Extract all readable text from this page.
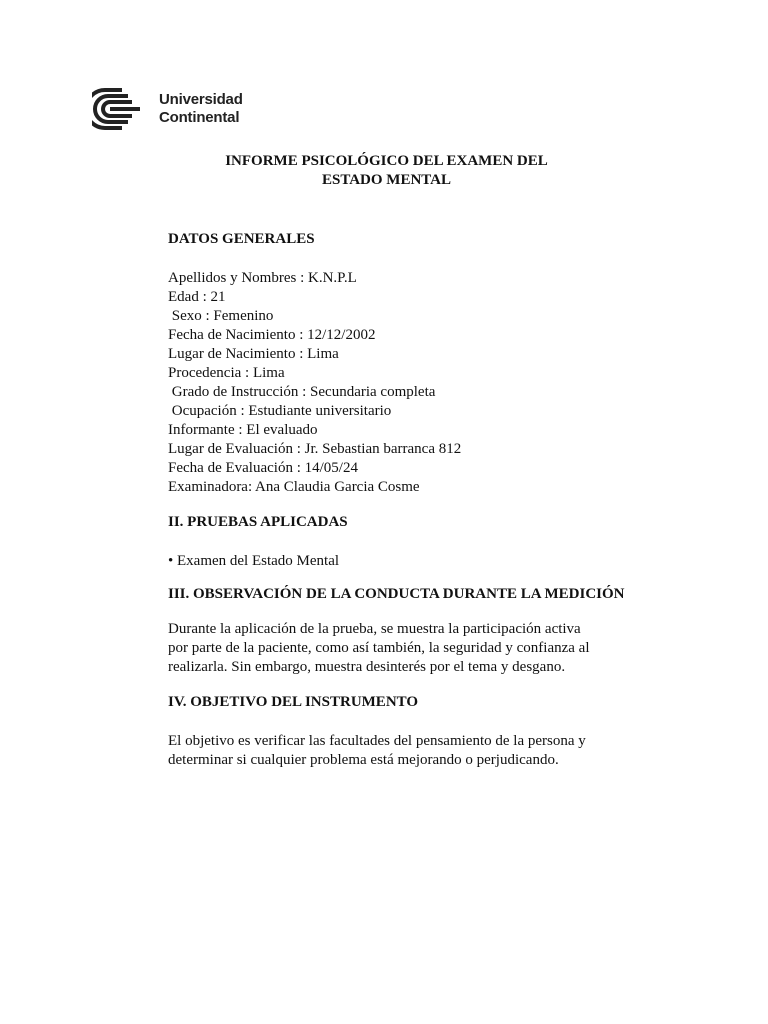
Universidad
Continental
INFORME PSICOLÓGICO DEL EXAMEN DEL
ESTADO MENTAL
DATOS GENERALES
Apellidos y Nombres : K.N.P.L
Edad : 21
Sexo : Femenino
Fecha de Nacimiento : 12/12/2002
Lugar de Nacimiento : Lima
Procedencia : Lima
Grado de Instrucción : Secundaria completa
Ocupación : Estudiante universitario
Informante : El evaluado
Lugar de Evaluación : Jr. Sebastian barranca 812
Fecha de Evaluación : 14/05/24
Examinadora: Ana Claudia Garcia Cosme
II. PRUEBAS APLICADAS
• Examen del Estado Mental
III. OBSERVACIÓN DE LA CONDUCTA DURANTE LA MEDICIÓN
Durante la aplicación de la prueba, se muestra la participación activa
por parte de la paciente, como así también, la seguridad y confianza al
realizarla. Sin embargo, muestra desinterés por el tema y desgano.
IV. OBJETIVO DEL INSTRUMENTO
El objetivo es verificar las facultades del pensamiento de la persona y
determinar si cualquier problema está mejorando o perjudicando.
